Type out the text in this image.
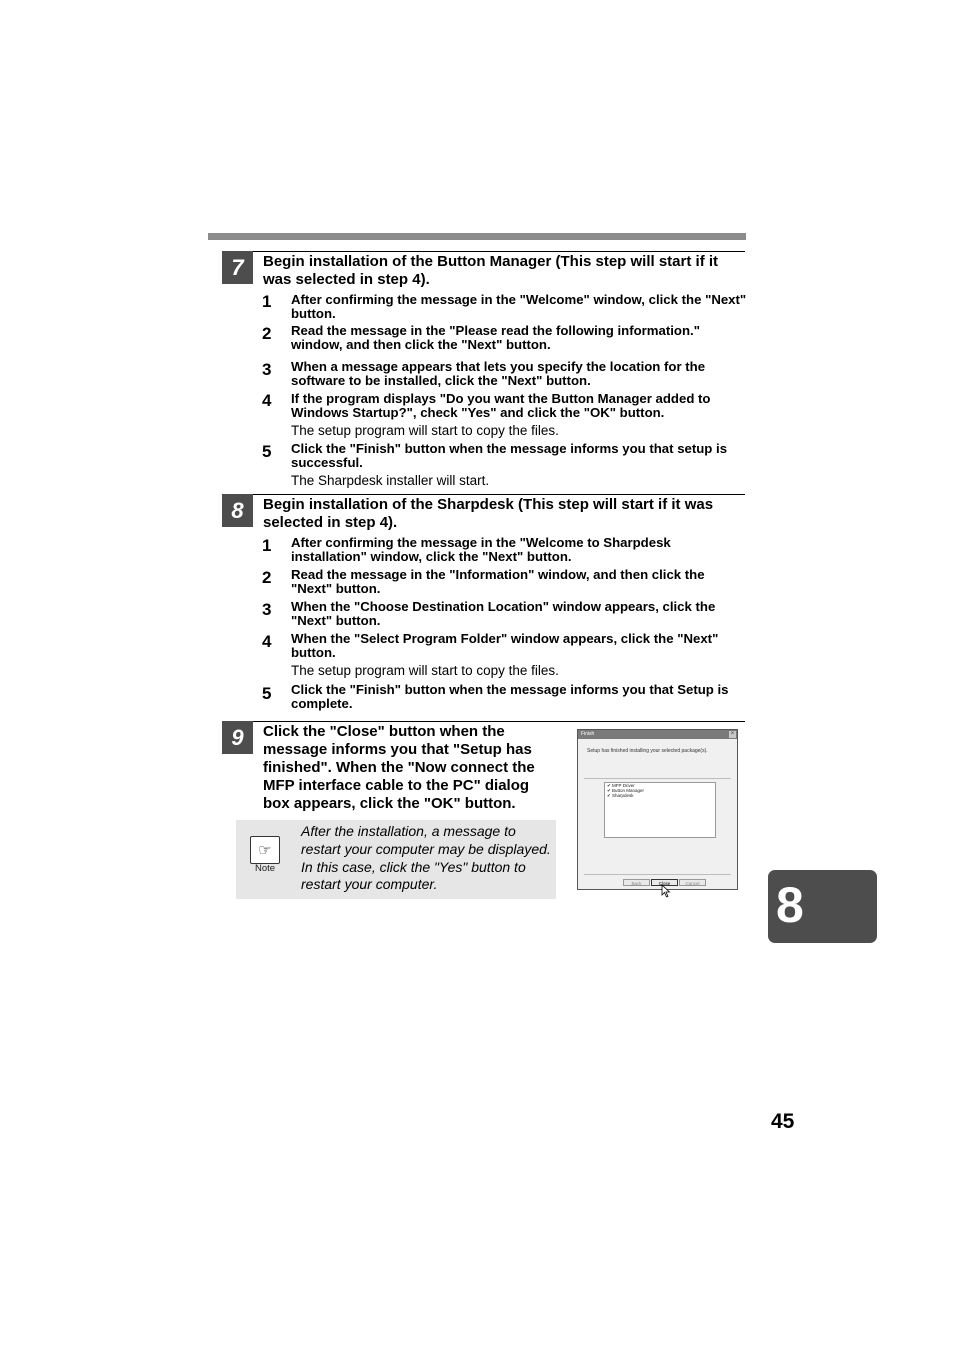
7	Begin installation of the Button Manager (This step will start if it was selected in step 4).
1	After confirming the message in the "Welcome" window, click the "Next" button.
2	Read the message in the "Please read the following information." window, and then click the "Next" button.
3	When a message appears that lets you specify the location for the software to be installed, click the "Next" button.
4	If the program displays "Do you want the Button Manager added to Windows Startup?", check "Yes" and click the "OK" button.
The setup program will start to copy the files.
5	Click the "Finish" button when the message informs you that setup is successful.
The Sharpdesk installer will start.
8	Begin installation of the Sharpdesk (This step will start if it was selected in step 4).
1	After confirming the message in the "Welcome to Sharpdesk installation" window, click the "Next" button.
2	Read the message in the "Information" window, and then click the "Next" button.
3	When the "Choose Destination Location" window appears, click the "Next" button.
4	When the "Select Program Folder" window appears, click the "Next" button.
The setup program will start to copy the files.
5	Click the "Finish" button when the message informs you that Setup is complete.
9	Click the "Close" button when the message informs you that "Setup has finished". When the "Now connect the MFP interface cable to the PC" dialog box appears, click the "OK" button.
☞
Note
After the installation, a message to restart your computer may be displayed. In this case, click the "Yes" button to restart your computer.
Finish	×
Setup has finished installing your selected package(s).
✔ MFP Driver
✔ Button Manager
✔ Sharpdesk
Back	Close	Cancel 8
45
